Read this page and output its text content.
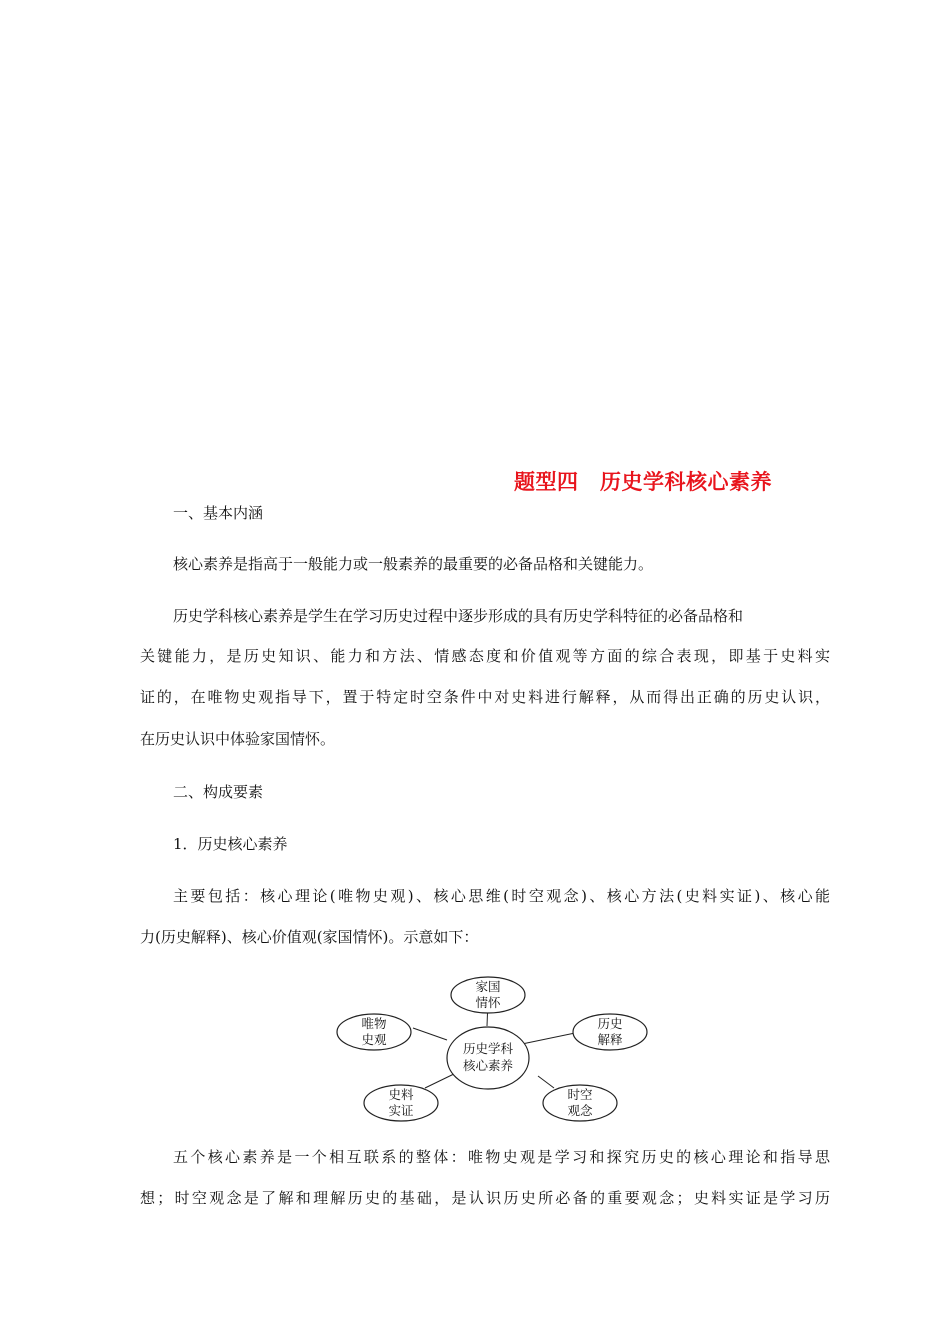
题型四　历史学科核心素养
一、基本内涵
核心素养是指高于一般能力或一般素养的最重要的必备品格和关键能力。
历史学科核心素养是学生在学习历史过程中逐步形成的具有历史学科特征的必备品格和
关键能力，是历史知识、能力和方法、情感态度和价值观等方面的综合表现，即基于史料实
证的，在唯物史观指导下，置于特定时空条件中对史料进行解释，从而得出正确的历史认识，
在历史认识中体验家国情怀。
二、构成要素
1．历史核心素养
主要包括：核心理论(唯物史观)、核心思维(时空观念)、核心方法(史料实证)、核心能
力(历史解释)、核心价值观(家国情怀)。示意如下：
历史学科
核心素养
家国
情怀
唯物
史观
历史
解释
史料
实证
时空
观念
五个核心素养是一个相互联系的整体：唯物史观是学习和探究历史的核心理论和指导思
想；时空观念是了解和理解历史的基础，是认识历史所必备的重要观念；史料实证是学习历
